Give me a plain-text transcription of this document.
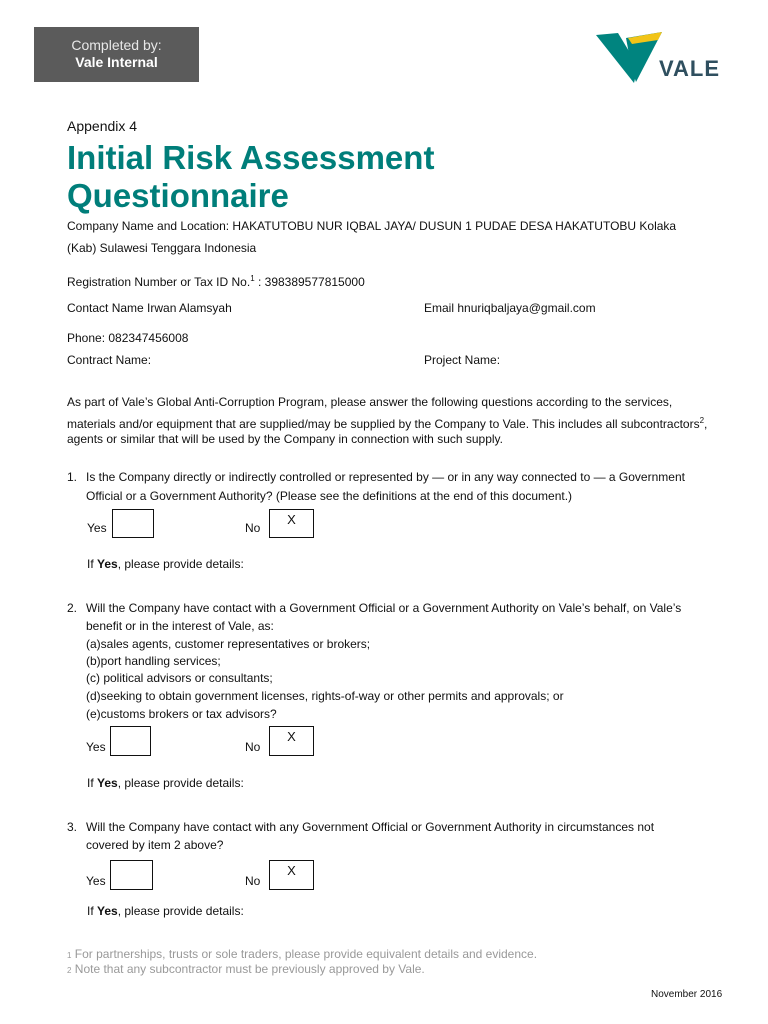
Completed by:
Vale Internal	VALE
Appendix 4
Initial Risk Assessment
Questionnaire
Company Name and Location: HAKATUTOBU NUR IQBAL JAYA/ DUSUN 1 PUDAE DESA HAKATUTOBU Kolaka
(Kab) Sulawesi Tenggara Indonesia
Registration Number or Tax ID No.$^1$ : 398389577815000
Contact Name Irwan Alamsyah	Email hnuriqbaljaya@gmail.com
Phone: 082347456008
Contract Name:	Project Name:
As part of Vale’s Global Anti-Corruption Program, please answer the following questions according to the services,
materials and/or equipment that are supplied/may be supplied by the Company to Vale. This includes all subcontractors$^2$,
agents or similar that will be used by the Company in connection with such supply.
1. Is the Company directly or indirectly controlled or represented by — or in any way connected to — a Government
Official or a Government Authority? (Please see the definitions at the end of this document.)
Yes	No
X
If Yes, please provide details:
2. Will the Company have contact with a Government Official or a Government Authority on Vale’s behalf, on Vale’s
benefit or in the interest of Vale, as:
(a)sales agents, customer representatives or brokers;
(b)port handling services;
(c) political advisors or consultants;
(d)seeking to obtain government licenses, rights-of-way or other permits and approvals; or
(e)customs brokers or tax advisors?
Yes	No
X
If Yes, please provide details:
3. Will the Company have contact with any Government Official or Government Authority in circumstances not
covered by item 2 above?
Yes	No
X
If Yes, please provide details:
1 For partnerships, trusts or sole traders, please provide equivalent details and evidence.
2 Note that any subcontractor must be previously approved by Vale.
November 2016
